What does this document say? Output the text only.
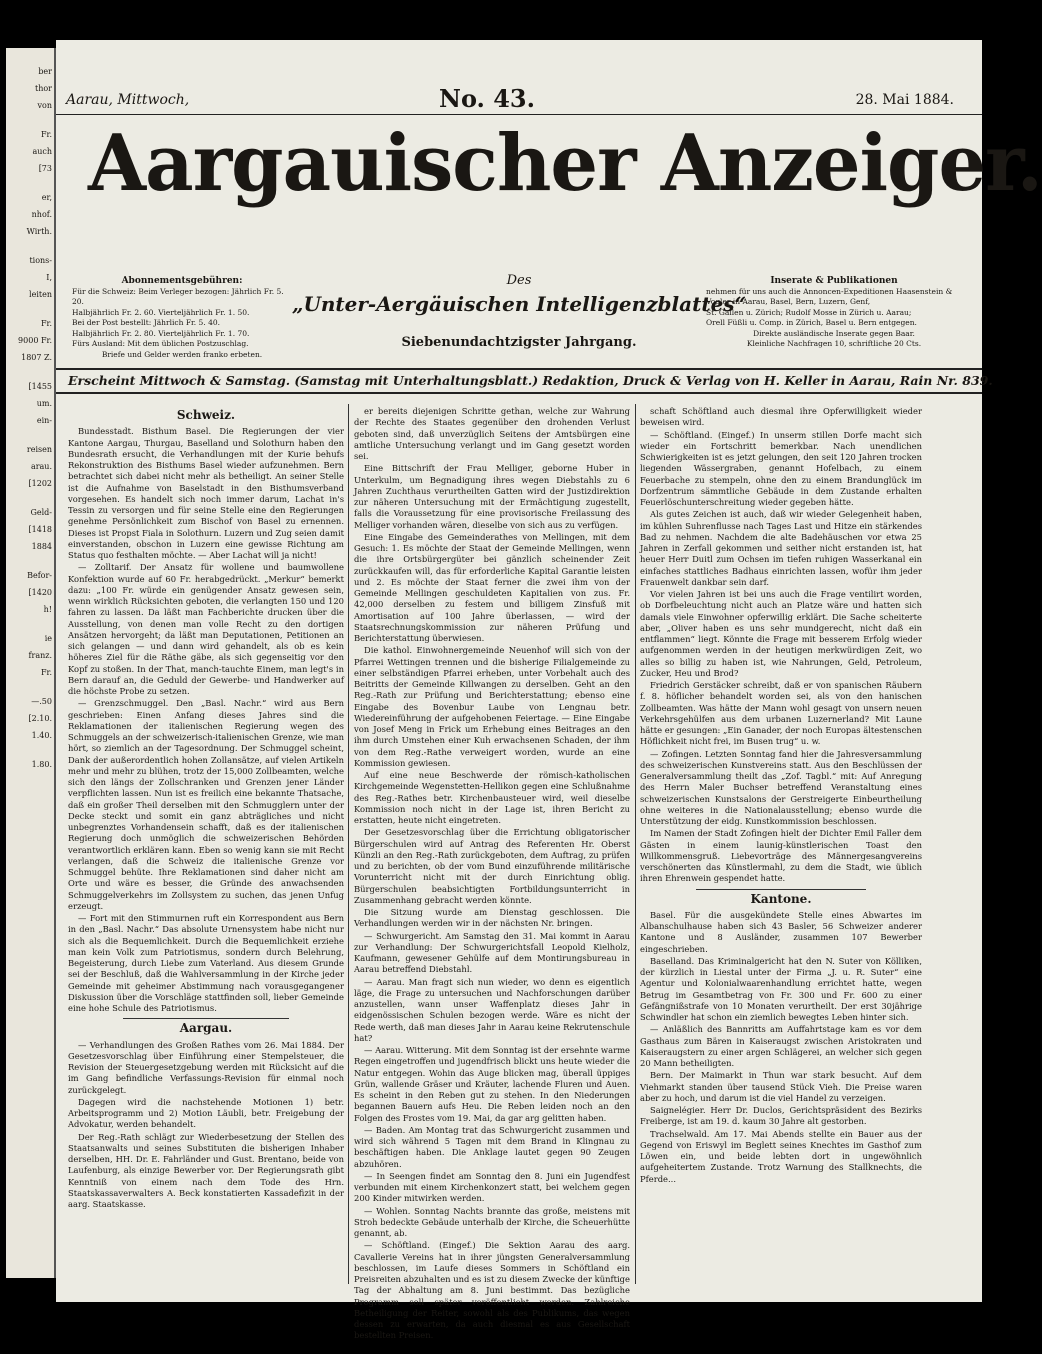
ber
thor
von
Fr.
auch
[73
er,
nhof.
Wirth.
tions-
I,
leiten
Fr.
9000 Fr.
1807 Z.
[1455
um.
ein-
reisen
arau.
[1202
Geld-
[1418
1884
Befor-
[1420
h!
ie
franz.
Fr.
—.50
[2.10.
1.40.
1.80.
Aarau, Mittwoch,	No. 43.	28. Mai 1884.
Aargauischer Anzeiger.
Des
„Unter-Aergäuischen Intelligenzblattes“
Siebenundachtzigster Jahrgang.
Abonnementsgebühren:
Für die Schweiz: Beim Verleger bezogen: Jährlich Fr. 5. 20.
Halbjährlich Fr. 2. 60. Vierteljährlich Fr. 1. 50.
Bei der Post bestellt: Jährlich Fr. 5. 40.
Halbjährlich Fr. 2. 80. Vierteljährlich Fr. 1. 70.
Fürs Ausland: Mit dem üblichen Postzuschlag.
Briefe und Gelder werden franko erbeten.
Inserate & Publikationen
nehmen für uns auch die Annoncen-Expeditionen Haasenstein & Vogler in Aarau, Basel, Bern, Luzern, Genf,
St. Gallen u. Zürich; Rudolf Mosse in Zürich u. Aarau;
Orell Füßli u. Comp. in Zürich, Basel u. Bern entgegen.
Direkte ausländische Inserate gegen Baar.
Kleinliche Nachfragen 10, schriftliche 20 Cts.
Erscheint Mittwoch & Samstag. (Samstag mit Unterhaltungsblatt.) Redaktion, Druck & Verlag von H. Keller in Aarau, Rain Nr. 839.
Schweiz.

Bundesstadt. Bisthum Basel. Die Regierungen der vier Kantone Aargau, Thurgau, Baselland und Solothurn haben den Bundesrath ersucht, die Verhandlungen mit der Kurie behufs Rekonstruktion des Bisthums Basel wieder aufzunehmen. Bern betrachtet sich dabei nicht mehr als betheiligt. An seiner Stelle ist die Aufnahme von Baselstadt in den Bisthumsverband vorgesehen. Es handelt sich noch immer darum, Lachat in's Tessin zu versorgen und für seine Stelle eine den Regierungen genehme Persönlichkeit zum Bischof von Basel zu ernennen. Dieses ist Propst Fiala in Solothurn. Luzern und Zug seien damit einverstanden, obschon in Luzern eine gewisse Richtung am Status quo festhalten möchte. — Aber Lachat will ja nicht!

— Zolltarif. Der Ansatz für wollene und baumwollene Konfektion wurde auf 60 Fr. herabgedrückt. „Merkur“ bemerkt dazu: „100 Fr. würde ein genügender Ansatz gewesen sein, wenn wirklich Rücksichten geboten, die verlangten 150 und 120 fahren zu lassen. Da läßt man Fachberichte drucken über die Ausstellung, von denen man volle Recht zu den dortigen Ansätzen hervorgeht; da läßt man Deputationen, Petitionen an sich gelangen — und dann wird gehandelt, als ob es kein höheres Ziel für die Räthe gäbe, als sich gegenseitig vor den Kopf zu stoßen. In der That, manch-tauchte Einem, man legt's in Bern darauf an, die Geduld der Gewerbe- und Handwerker auf die höchste Probe zu setzen.

— Grenzschmuggel. Den „Basl. Nachr.“ wird aus Bern geschrieben: Einen Anfang dieses Jahres sind die Reklamationen der italienischen Regierung wegen des Schmuggels an der schweizerisch-italienischen Grenze, wie man hört, so ziemlich an der Tagesordnung. Der Schmuggel scheint, Dank der außerordentlich hohen Zollansätze, auf vielen Artikeln mehr und mehr zu blühen, trotz der 15,000 Zollbeamten, welche sich den längs der Zollschranken und Grenzen jener Länder verpflichten lassen. Nun ist es freilich eine bekannte Thatsache, daß ein großer Theil derselben mit den Schmugglern unter der Decke steckt und somit ein ganz abträgliches und nicht unbegrenztes Vorhandensein schafft, daß es der italienischen Regierung doch unmöglich die schweizerischen Behörden verantwortlich erklären kann. Eben so wenig kann sie mit Recht verlangen, daß die Schweiz die italienische Grenze vor Schmuggel behüte. Ihre Reklamationen sind daher nicht am Orte und wäre es besser, die Gründe des anwachsenden Schmuggelverkehrs im Zollsystem zu suchen, das jenen Unfug erzeugt.

— Fort mit den Stimmurnen ruft ein Korrespondent aus Bern in den „Basl. Nachr.“ Das absolute Urnensystem habe nicht nur sich als die Bequemlichkeit. Durch die Bequemlichkeit erziehe man kein Volk zum Patriotismus, sondern durch Belehrung, Begeisterung, durch Liebe zum Vaterland. Aus diesem Grunde sei der Beschluß, daß die Wahlversammlung in der Kirche jeder Gemeinde mit geheimer Abstimmung nach vorausgegangener Diskussion über die Vorschläge stattfinden soll, lieber Gemeinde eine hohe Schule des Patriotismus.

Aargau.

— Verhandlungen des Großen Rathes vom 26. Mai 1884. Der Gesetzesvorschlag über Einführung einer Stempelsteuer, die Revision der Steuergesetzgebung werden mit Rücksicht auf die im Gang befindliche Verfassungs-Revision für einmal noch zurückgelegt.

Dagegen wird die nachstehende Motionen 1) betr. Arbeitsprogramm und 2) Motion Läubli, betr. Freigebung der Advokatur, werden behandelt.

Der Reg.-Rath schlägt zur Wiederbesetzung der Stellen des Staatsanwalts und seines Substituten die bisherigen Inhaber derselben, HH. Dr. E. Fahrländer und Gust. Brentano, beide von Laufenburg, als einzige Bewerber vor. Der Regierungsrath gibt Kenntniß von einem nach dem Tode des Hrn. Staatskassaverwalters A. Beck konstatierten Kassadefizit in der aarg. Staatskasse.

er bereits diejenigen Schritte gethan, welche zur Wahrung der Rechte des Staates gegenüber den drohenden Verlust geboten sind, daß unverzüglich Seitens der Amtsbürgen eine amtliche Untersuchung verlangt und im Gang gesetzt worden sei.

Eine Bittschrift der Frau Melliger, geborne Huber in Unterkulm, um Begnadigung ihres wegen Diebstahls zu 6 Jahren Zuchthaus verurtheilten Gatten wird der Justizdirektion zur näheren Untersuchung mit der Ermächtigung zugestellt, falls die Voraussetzung für eine provisorische Freilassung des Melliger vorhanden wären, dieselbe von sich aus zu verfügen.

Eine Eingabe des Gemeinderathes von Mellingen, mit dem Gesuch: 1. Es möchte der Staat der Gemeinde Mellingen, wenn die ihre Ortsbürgergüter bei gänzlich scheinender Zeit zurückkaufen will, das für erforderliche Kapital Garantie leisten und 2. Es möchte der Staat ferner die zwei ihm von der Gemeinde Mellingen geschuldeten Kapitalien von zus. Fr. 42,000 derselben zu festem und billigem Zinsfuß mit Amortisation auf 100 Jahre überlassen, — wird der Staatsrechnungskommission zur näheren Prüfung und Berichterstattung überwiesen.

Die kathol. Einwohnergemeinde Neuenhof will sich von der Pfarrei Wettingen trennen und die bisherige Filialgemeinde zu einer selbständigen Pfarrei erheben, unter Vorbehalt auch des Beitritts der Gemeinde Killwangen zu derselben. Geht an den Reg.-Rath zur Prüfung und Berichterstattung; ebenso eine Eingabe des Bovenbur Laube von Lengnau betr. Wiedereinführung der aufgehobenen Feiertage. — Eine Eingabe von Josef Meng in Frick um Erhebung eines Beitrages an den ihm durch Umstehen einer Kuh erwachsenen Schaden, der ihm von dem Reg.-Rathe verweigert worden, wurde an eine Kommission gewiesen.

Auf eine neue Beschwerde der römisch-katholischen Kirchgemeinde Wegenstetten-Hellikon gegen eine Schlußnahme des Reg.-Rathes betr. Kirchenbausteuer wird, weil dieselbe Kommission noch nicht in der Lage ist, ihren Bericht zu erstatten, heute nicht eingetreten.

Der Gesetzesvorschlag über die Errichtung obligatorischer Bürgerschulen wird auf Antrag des Referenten Hr. Oberst Künzli an den Reg.-Rath zurückgeboten, dem Auftrag, zu prüfen und zu berichten, ob der vom Bund einzuführende militärische Vorunterricht nicht mit der durch Einrichtung oblig. Bürgerschulen beabsichtigten Fortbildungsunterricht in Zusammenhang gebracht werden könnte.

Die Sitzung wurde am Dienstag geschlossen. Die Verhandlungen werden wir in der nächsten Nr. bringen.

— Schwurgericht. Am Samstag den 31. Mai kommt in Aarau zur Verhandlung: Der Schwurgerichtsfall Leopold Kielholz, Kaufmann, gewesener Gehülfe auf dem Montirungsbureau in Aarau betreffend Diebstahl.

— Aarau. Man fragt sich nun wieder, wo denn es eigentlich läge, die Frage zu untersuchen und Nachforschungen darüber anzustellen, wann unser Waffenplatz dieses Jahr in eidgenössischen Schulen bezogen werde. Wäre es nicht der Rede werth, daß man dieses Jahr in Aarau keine Rekrutenschule hat?

— Aarau. Witterung. Mit dem Sonntag ist der ersehnte warme Regen eingetroffen und jugendfrisch blickt uns heute wieder die Natur entgegen. Wohin das Auge blicken mag, überall üppiges Grün, wallende Gräser und Kräuter, lachende Fluren und Auen. Es scheint in den Reben gut zu stehen. In den Niederungen begannen Bauern aufs Heu. Die Reben leiden noch an den Folgen des Frostes vom 19. Mai, da gar arg gelitten haben.

— Baden. Am Montag trat das Schwurgericht zusammen und wird sich während 5 Tagen mit dem Brand in Klingnau zu beschäftigen haben. Die Anklage lautet gegen 90 Zeugen abzuhören.

— In Seengen findet am Sonntag den 8. Juni ein Jugendfest verbunden mit einem Kirchenkonzert statt, bei welchem gegen 200 Kinder mitwirken werden.

— Wohlen. Sonntag Nachts brannte das große, meistens mit Stroh bedeckte Gebäude unterhalb der Kirche, die Scheuerhütte genannt, ab.

— Schöftland. (Eingef.) Die Sektion Aarau des aarg. Cavallerie Vereins hat in ihrer jüngsten Generalversammlung beschlossen, im Laufe dieses Sommers in Schöftland ein Preisreiten abzuhalten und es ist zu diesem Zwecke der künftige Tag der Abhaltung am 8. Juni bestimmt. Das bezügliche Programm soll später veröffentlicht werden. Zahlreiche Betheiligung der Reiter, sowohl als des Publikums, das wegen dessen zu erwarten, da auch diesmal es aus Gesellschaft bestellten Preisen.

schaft Schöftland auch diesmal ihre Opferwilligkeit wieder beweisen wird.

— Schöftland. (Eingef.) In unserm stillen Dorfe macht sich wieder ein Fortschritt bemerkbar. Nach unendlichen Schwierigkeiten ist es jetzt gelungen, den seit 120 Jahren trocken liegenden Wässergraben, genannt Hofelbach, zu einem Feuerbache zu stempeln, ohne den zu einem Brandunglück im Dorfzentrum sämmtliche Gebäude in dem Zustande erhalten Feuerlöschunterschreitung wieder gegeben hätte.

Als gutes Zeichen ist auch, daß wir wieder Gelegenheit haben, im kühlen Suhrenflusse nach Tages Last und Hitze ein stärkendes Bad zu nehmen. Nachdem die alte Badehäuschen vor etwa 25 Jahren in Zerfall gekommen und seither nicht erstanden ist, hat heuer Herr Duitl zum Ochsen im tiefen ruhigen Wasserkanal ein einfaches stattliches Badhaus einrichten lassen, wofür ihm jeder Frauenwelt dankbar sein darf.

Vor vielen Jahren ist bei uns auch die Frage ventilirt worden, ob Dorfbeleuchtung nicht auch an Platze wäre und hatten sich damals viele Einwohner opferwillig erklärt. Die Sache scheiterte aber, „Oliver haben es uns sehr mundgerecht, nicht daß ein entflammen“ liegt. Könnte die Frage mit besserem Erfolg wieder aufgenommen werden in der heutigen merkwürdigen Zeit, wo alles so billig zu haben ist, wie Nahrungen, Geld, Petroleum, Zucker, Heu und Brod?

Friedrich Gerstäcker schreibt, daß er von spanischen Räubern f. 8. höflicher behandelt worden sei, als von den hanischen Zollbeamten. Was hätte der Mann wohl gesagt von unsern neuen Verkehrsgehülfen aus dem urbanen Luzernerland? Mit Laune hätte er gesungen: „Ein Ganader, der noch Europas ältestenschen Höflichkeit nicht frei, im Busen trug“ u. w.

— Zofingen. Letzten Sonntag fand hier die Jahresversammlung des schweizerischen Kunstvereins statt. Aus den Beschlüssen der Generalversammlung theilt das „Zof. Tagbl.“ mit: Auf Anregung des Herrn Maler Buchser betreffend Veranstaltung eines schweizerischen Kunstsalons der Gerstreigerte Einbeurtheilung ohne weiteres in die Nationalausstellung; ebenso wurde die Unterstützung der eidg. Kunstkommission beschlossen.

Im Namen der Stadt Zofingen hielt der Dichter Emil Faller dem Gästen in einem launig-künstlerischen Toast den Willkommensgruß. Liebevorträge des Männergesangvereins verschönerten das Künstlermahl, zu dem die Stadt, wie üblich ihren Ehrenwein gespendet hatte.

Kantone.

Basel. Für die ausgekündete Stelle eines Abwartes im Albanschulhause haben sich 43 Basler, 56 Schweizer anderer Kantone und 8 Ausländer, zusammen 107 Bewerber eingeschrieben.

Baselland. Das Kriminalgericht hat den N. Suter von Kölliken, der kürzlich in Liestal unter der Firma „J. u. R. Suter“ eine Agentur und Kolonialwaarenhandlung errichtet hatte, wegen Betrug im Gesamtbetrag von Fr. 300 und Fr. 600 zu einer Gefängnißstrafe von 10 Monaten verurtheilt. Der erst 30jährige Schwindler hat schon ein ziemlich bewegtes Leben hinter sich.

— Anläßlich des Bannritts am Auffahrtstage kam es vor dem Gasthaus zum Bären in Kaiseraugst zwischen Aristokraten und Kaiseraugstern zu einer argen Schlägerei, an welcher sich gegen 20 Mann betheiligten.

Bern. Der Maimarkt in Thun war stark besucht. Auf dem Viehmarkt standen über tausend Stück Vieh. Die Preise waren aber zu hoch, und darum ist die viel Handel zu verzeigen.

Saignelégier. Herr Dr. Duclos, Gerichtspräsident des Bezirks Freiberge, ist am 19. d. kaum 30 Jahre alt gestorben.

Trachselwald. Am 17. Mai Abends stellte ein Bauer aus der Gegend von Eriswyl im Beglett seines Knechtes im Gasthof zum Löwen ein, und beide lebten dort in ungewöhnlich aufgeheitertem Zustande. Trotz Warnung des Stallknechts, die Pferde...
